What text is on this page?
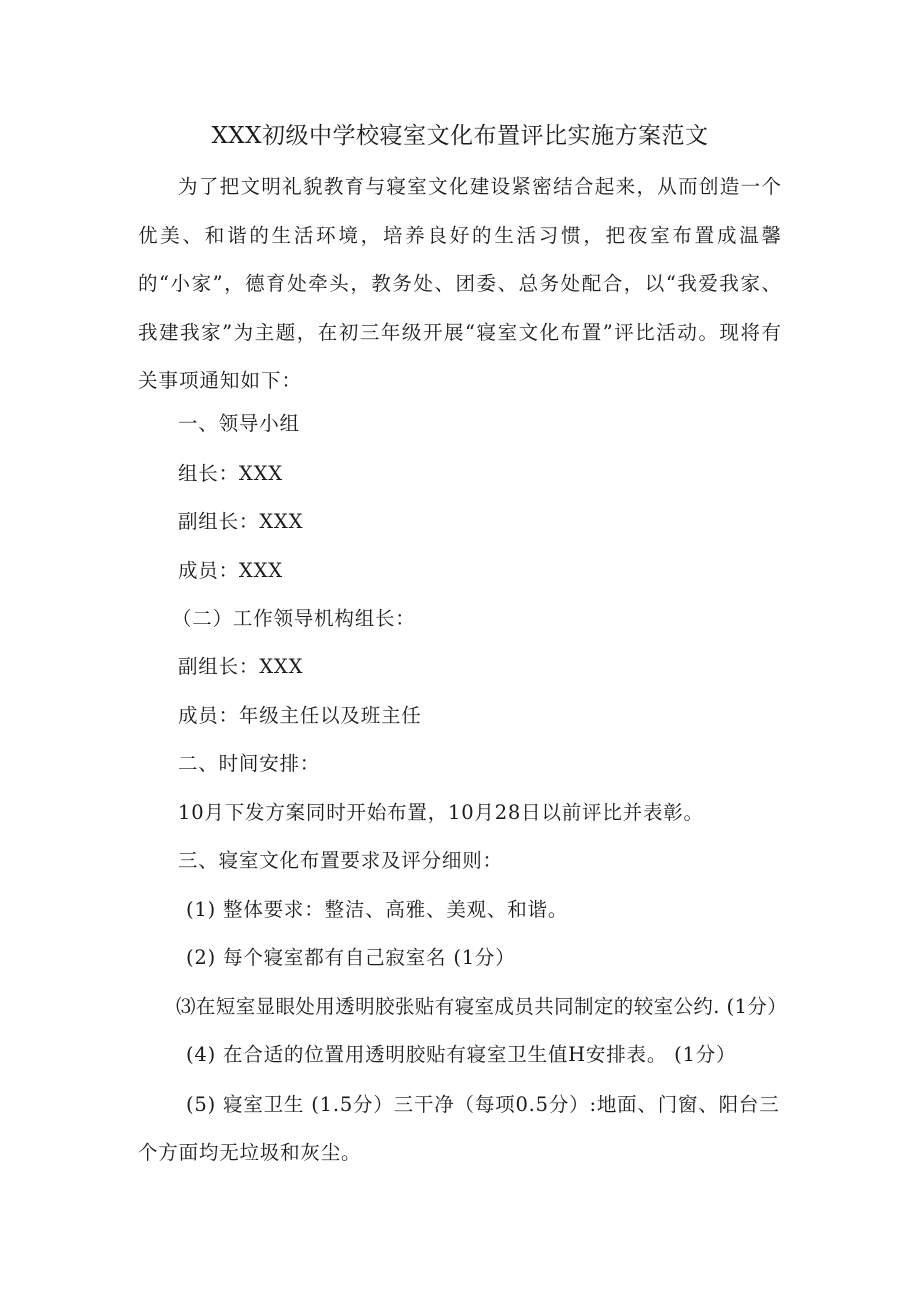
XXX初级中学校寝室文化布置评比实施方案范文
为了把文明礼貌教育与寝室文化建设紧密结合起来，从而创造一个优美、和谐的生活环境，培养良好的生活习惯，把夜室布置成温馨的“小家”，德育处牵头，教务处、团委、总务处配合，以“我爱我家、我建我家”为主题，在初三年级开展“寝室文化布置”评比活动。现将有关事项通知如下：
一、领导小组
组长：XXX
副组长：XXX
成员：XXX
（二）工作领导机构组长：
副组长：XXX
成员：年级主任以及班主任
二、时间安排：
10月下发方案同时开始布置，10月28日以前评比并表彰。
三、寝室文化布置要求及评分细则：
(1) 整体要求：整洁、高雅、美观、和谐。
(2) 每个寝室都有自己寂室名 (1分）
⑶在短室显眼处用透明胶张贴有寝室成员共同制定的较室公约. (1分）
(4) 在合适的位置用透明胶贴有寝室卫生值H安排表。 (1分）
(5) 寝室卫生 (1.5分）三干净（每项0.5分）:地面、门窗、阳台三个方面均无垃圾和灰尘。
